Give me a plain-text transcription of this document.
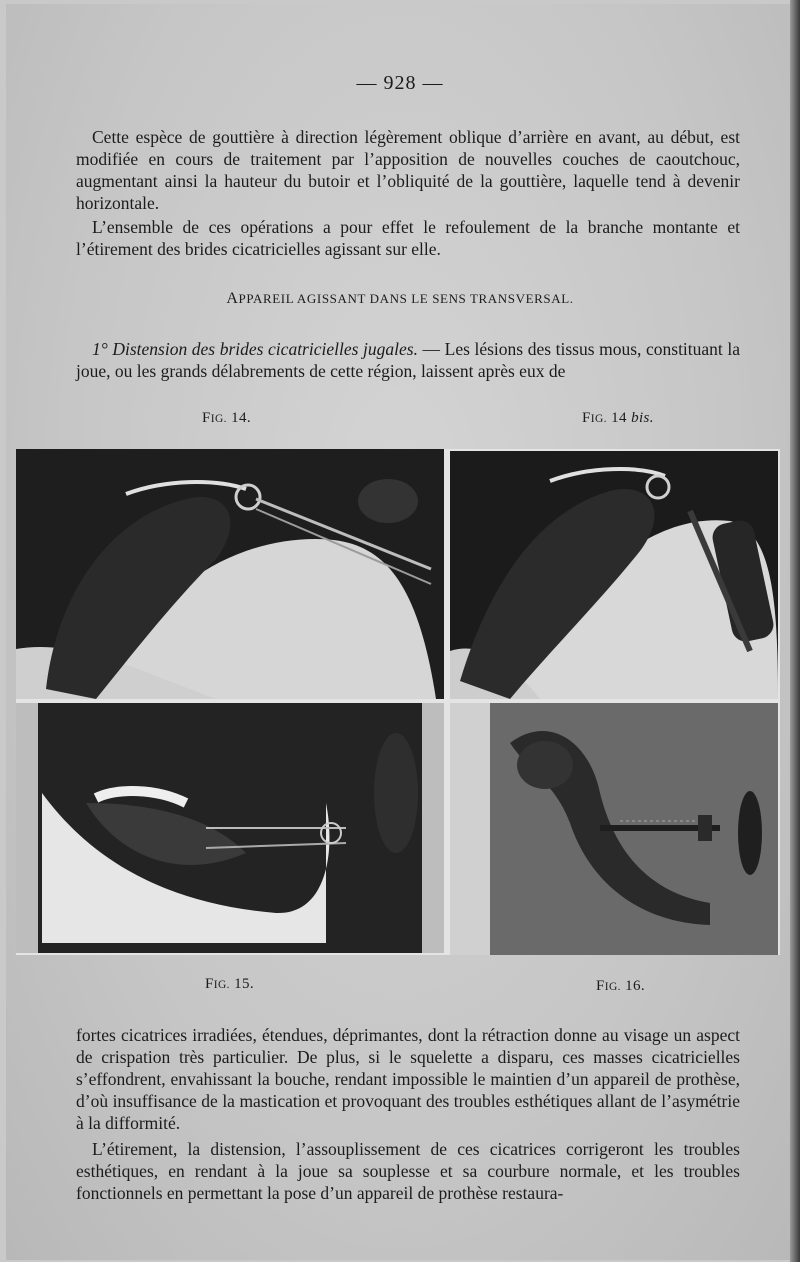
— 928 —

Cette espèce de gouttière à direction légèrement oblique d’arrière en avant, au début, est modifiée en cours de traitement par l’apposition de nouvelles couches de caoutchouc, augmentant ainsi la hauteur du butoir et l’obliquité de la gouttière, laquelle tend à devenir horizontale.

L’ensemble de ces opérations a pour effet le refoulement de la branche montante et l’étirement des brides cicatricielles agissant sur elle.

APPAREIL AGISSANT DANS LE SENS TRANSVERSAL.

1° Distension des brides cicatricielles jugales. — Les lésions des tissus mous, constituant la joue, ou les grands délabrements de cette région, laissent après eux de

FIG. 14.	FIG. 14 bis.
FIG. 15.	FIG. 16.

fortes cicatrices irradiées, étendues, déprimantes, dont la rétraction donne au visage un aspect de crispation très particulier. De plus, si le squelette a disparu, ces masses cicatricielles s’effondrent, envahissant la bouche, rendant impossible le maintien d’un appareil de prothèse, d’où insuffisance de la mastication et provoquant des troubles esthétiques allant de l’asymétrie à la difformité.

L’étirement, la distension, l’assouplissement de ces cicatrices corrigeront les troubles esthétiques, en rendant à la joue sa souplesse et sa courbure normale, et les troubles fonctionnels en permettant la pose d’un appareil de prothèse restaura-
